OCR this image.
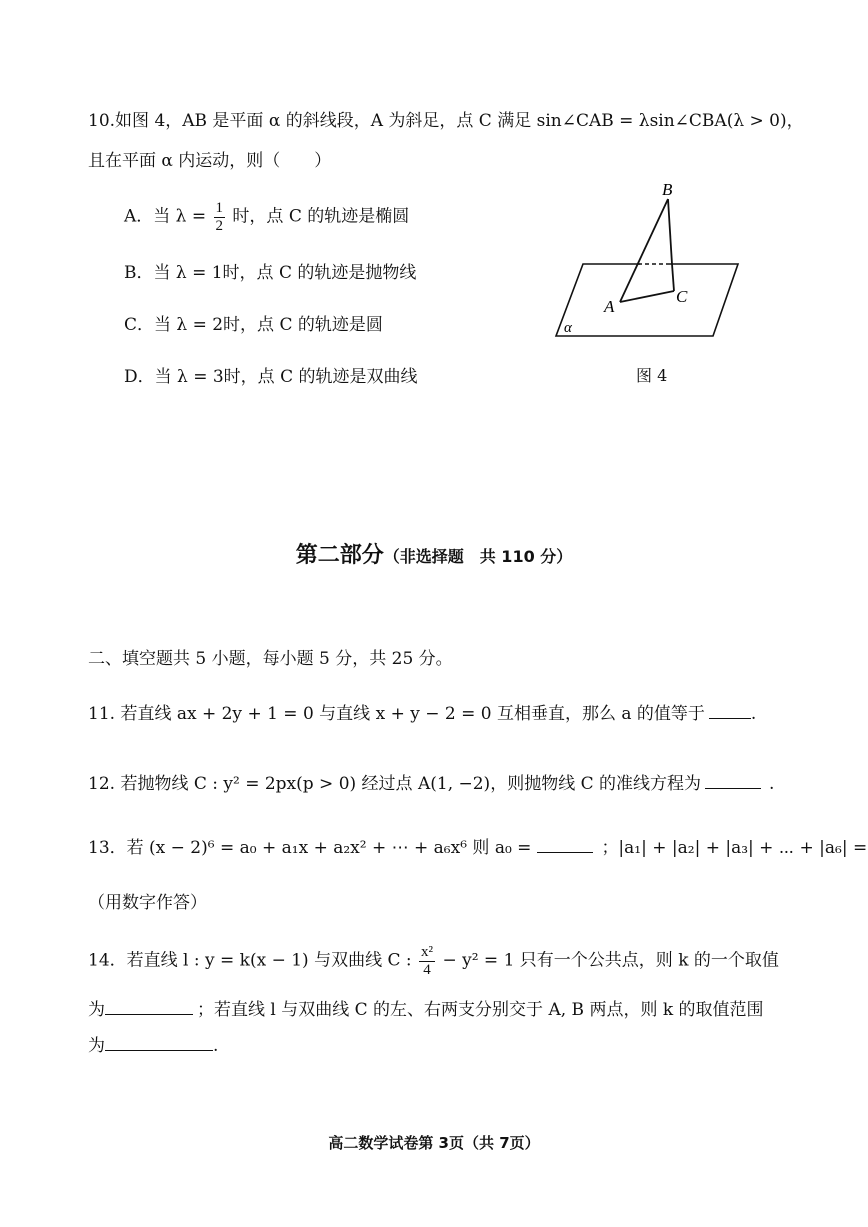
10.如图 4，AB 是平面 α 的斜线段，A 为斜足，点 C 满足 sin∠CAB = λsin∠CBA(λ > 0)，
且在平面 α 内运动，则（　　）
A．当 $\lambda = \frac{1}{2}$ 时，点 C 的轨迹是椭圆
B．当 λ = 1时，点 C 的轨迹是抛物线
C．当 λ = 2时，点 C 的轨迹是圆
D．当 λ = 3时，点 C 的轨迹是双曲线
B
A
C
α
图 4
第二部分（非选择题　共 110 分）
二、填空题共 5 小题，每小题 5 分，共 25 分。
11. 若直线 ax + 2y + 1 = 0 与直线 x + y − 2 = 0 互相垂直，那么 a 的值等于	.
12. 若抛物线 C : y² = 2px(p > 0) 经过点 A(1, −2)，则抛物线 C 的准线方程为	.
13．若 (x − 2)⁶ = a₀ + a₁x + a₂x² + ⋯ + a₆x⁶ 则 a₀ =	；|a₁| + |a₂| + |a₃| + ⋯ + |a₆| =
（用数字作答）
14．若直线 l : y = k(x − 1) 与双曲线 C : $\frac{\text{x²}}{4} - y^2 = 1$ 只有一个公共点，则 k 的一个取值
为	；若直线 l 与双曲线 C 的左、右两支分别交于 A, B 两点，则 k 的取值范围
为	.
高二数学试卷第 3页（共 7页）
